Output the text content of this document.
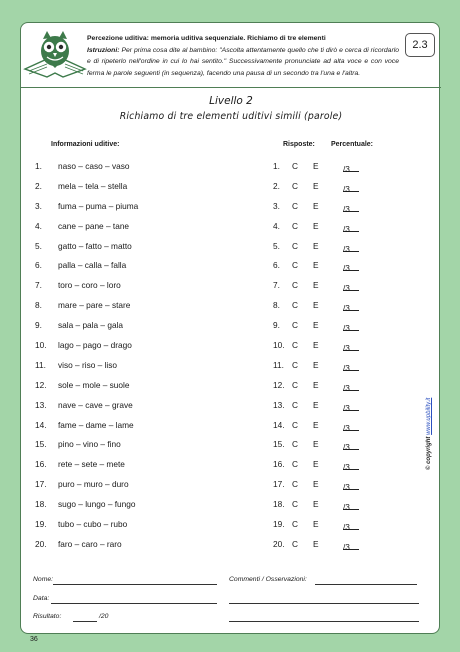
Percezione uditiva: memoria uditiva sequenziale. Richiamo di tre elementi
Istruzioni: Per prima cosa dite al bambino: "Ascolta attentamente quello che ti dirò e cerca di ricordarlo e di ripeterlo nell'ordine in cui lo hai sentito." Successivamente pronunciate ad alta voce e con voce ferma le parole seguenti (in sequenza), facendo una pausa di un secondo tra l'una e l'altra.
2.3
Livello 2
Richiamo di tre elementi uditivi simili (parole)
Informazioni uditive:	Risposte: Percentuale:
1. naso – caso – vaso	1. C E	/3
2. mela – tela – stella	2. C E	/3
3. fuma – puma – piuma	3. C E	/3
4. cane – pane – tane	4. C E	/3
5. gatto – fatto – matto	5. C E	/3
6. palla – calla – falla	6. C E	/3
7. toro – coro – loro	7. C E	/3
8. mare – pare – stare	8. C E	/3
9. sala – pala – gala	9. C E	/3
10. lago – pago – drago	10. C E	/3
11. viso – riso – liso	11. C E	/3
12. sole – mole – suole	12. C E	/3
13. nave – cave – grave	13. C E	/3
14. fame – dame – lame	14. C E	/3
15. pino – vino – fino	15. C E	/3
16. rete – sete – mete	16. C E	/3
17. puro – muro – duro	17. C E	/3
18. sugo – lungo – fungo	18. C E	/3
19. tubo – cubo – rubo	19. C E	/3
20. faro – caro – raro	20. C E	/3
Nome:
Data:
Risultato:	/20
Commenti / Osservazioni:
© copyright www.upbility.it
36
